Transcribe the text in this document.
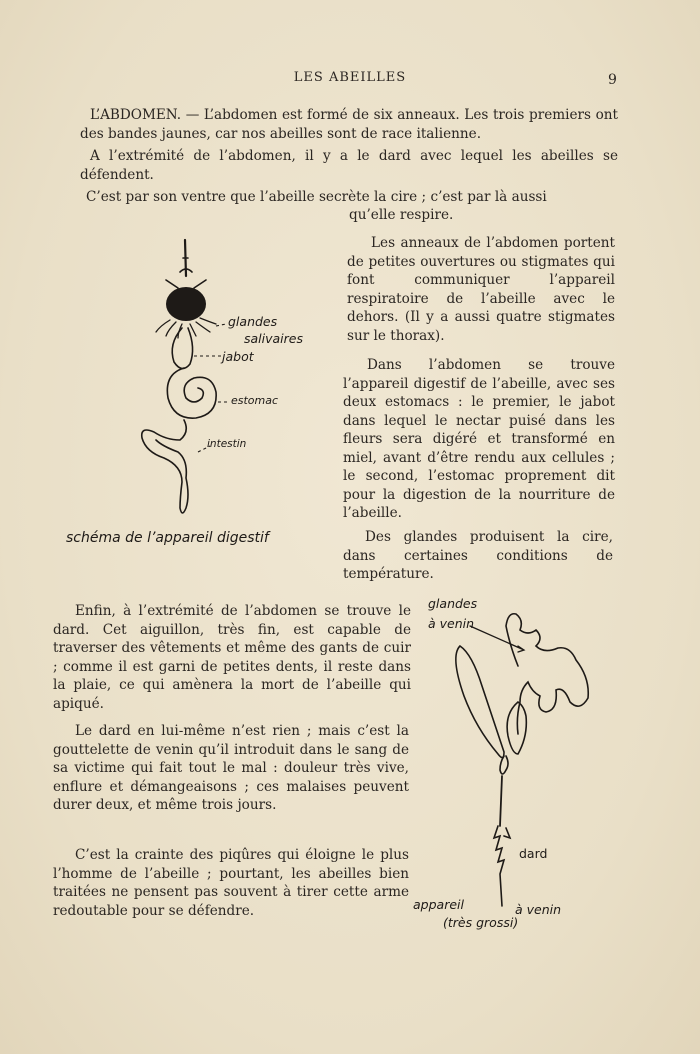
LES ABEILLES	9

L’ABDOMEN. — L’abdomen est formé de six anneaux. Les trois premiers ont des bandes jaunes, car nos abeilles sont de race italienne.

A l’extrémité de l’abdomen, il y a le dard avec lequel les abeilles se défendent.

C’est par son ventre que l’abeille secrète la cire ; c’est par là aussi

qu’elle respire.

Les anneaux de l’abdomen portent de petites ouvertures ou stigmates qui font communiquer l’appareil respiratoire de l’abeille avec le dehors. (Il y a aussi quatre stigmates sur le thorax).

Dans l’abdomen se trouve l’appareil digestif de l’abeille, avec ses deux estomacs : le premier, le jabot dans lequel le nectar puisé dans les fleurs sera digéré et transformé en miel, avant d’être rendu aux cellules ; le second, l’estomac proprement dit pour la digestion de la nourriture de l’abeille.

Des glandes produisent la cire, dans certaines conditions de température.

Enfin, à l’extrémité de l’abdomen se trouve le dard. Cet aiguillon, très fin, est capable de traverser des vêtements et même des gants de cuir ; comme il est garni de petites dents, il reste dans la plaie, ce qui amènera la mort de l’abeille qui apiqué.

Le dard en lui-même n’est rien ; mais c’est la gouttelette de venin qu’il introduit dans le sang de sa victime qui fait tout le mal : douleur très vive, enflure et démangeaisons ; ces malaises peuvent durer deux, et même trois jours.

C’est la crainte des piqûres qui éloigne le plus l’homme de l’abeille ; pourtant, les abeilles bien traitées ne pensent pas souvent à tirer cette arme redoutable pour se défendre.

glandes
salivaires
jabot
estomac
intestin
schéma de l’appareil digestif
glandes
à venin
dard
appareil	à venin
(très grossi)
